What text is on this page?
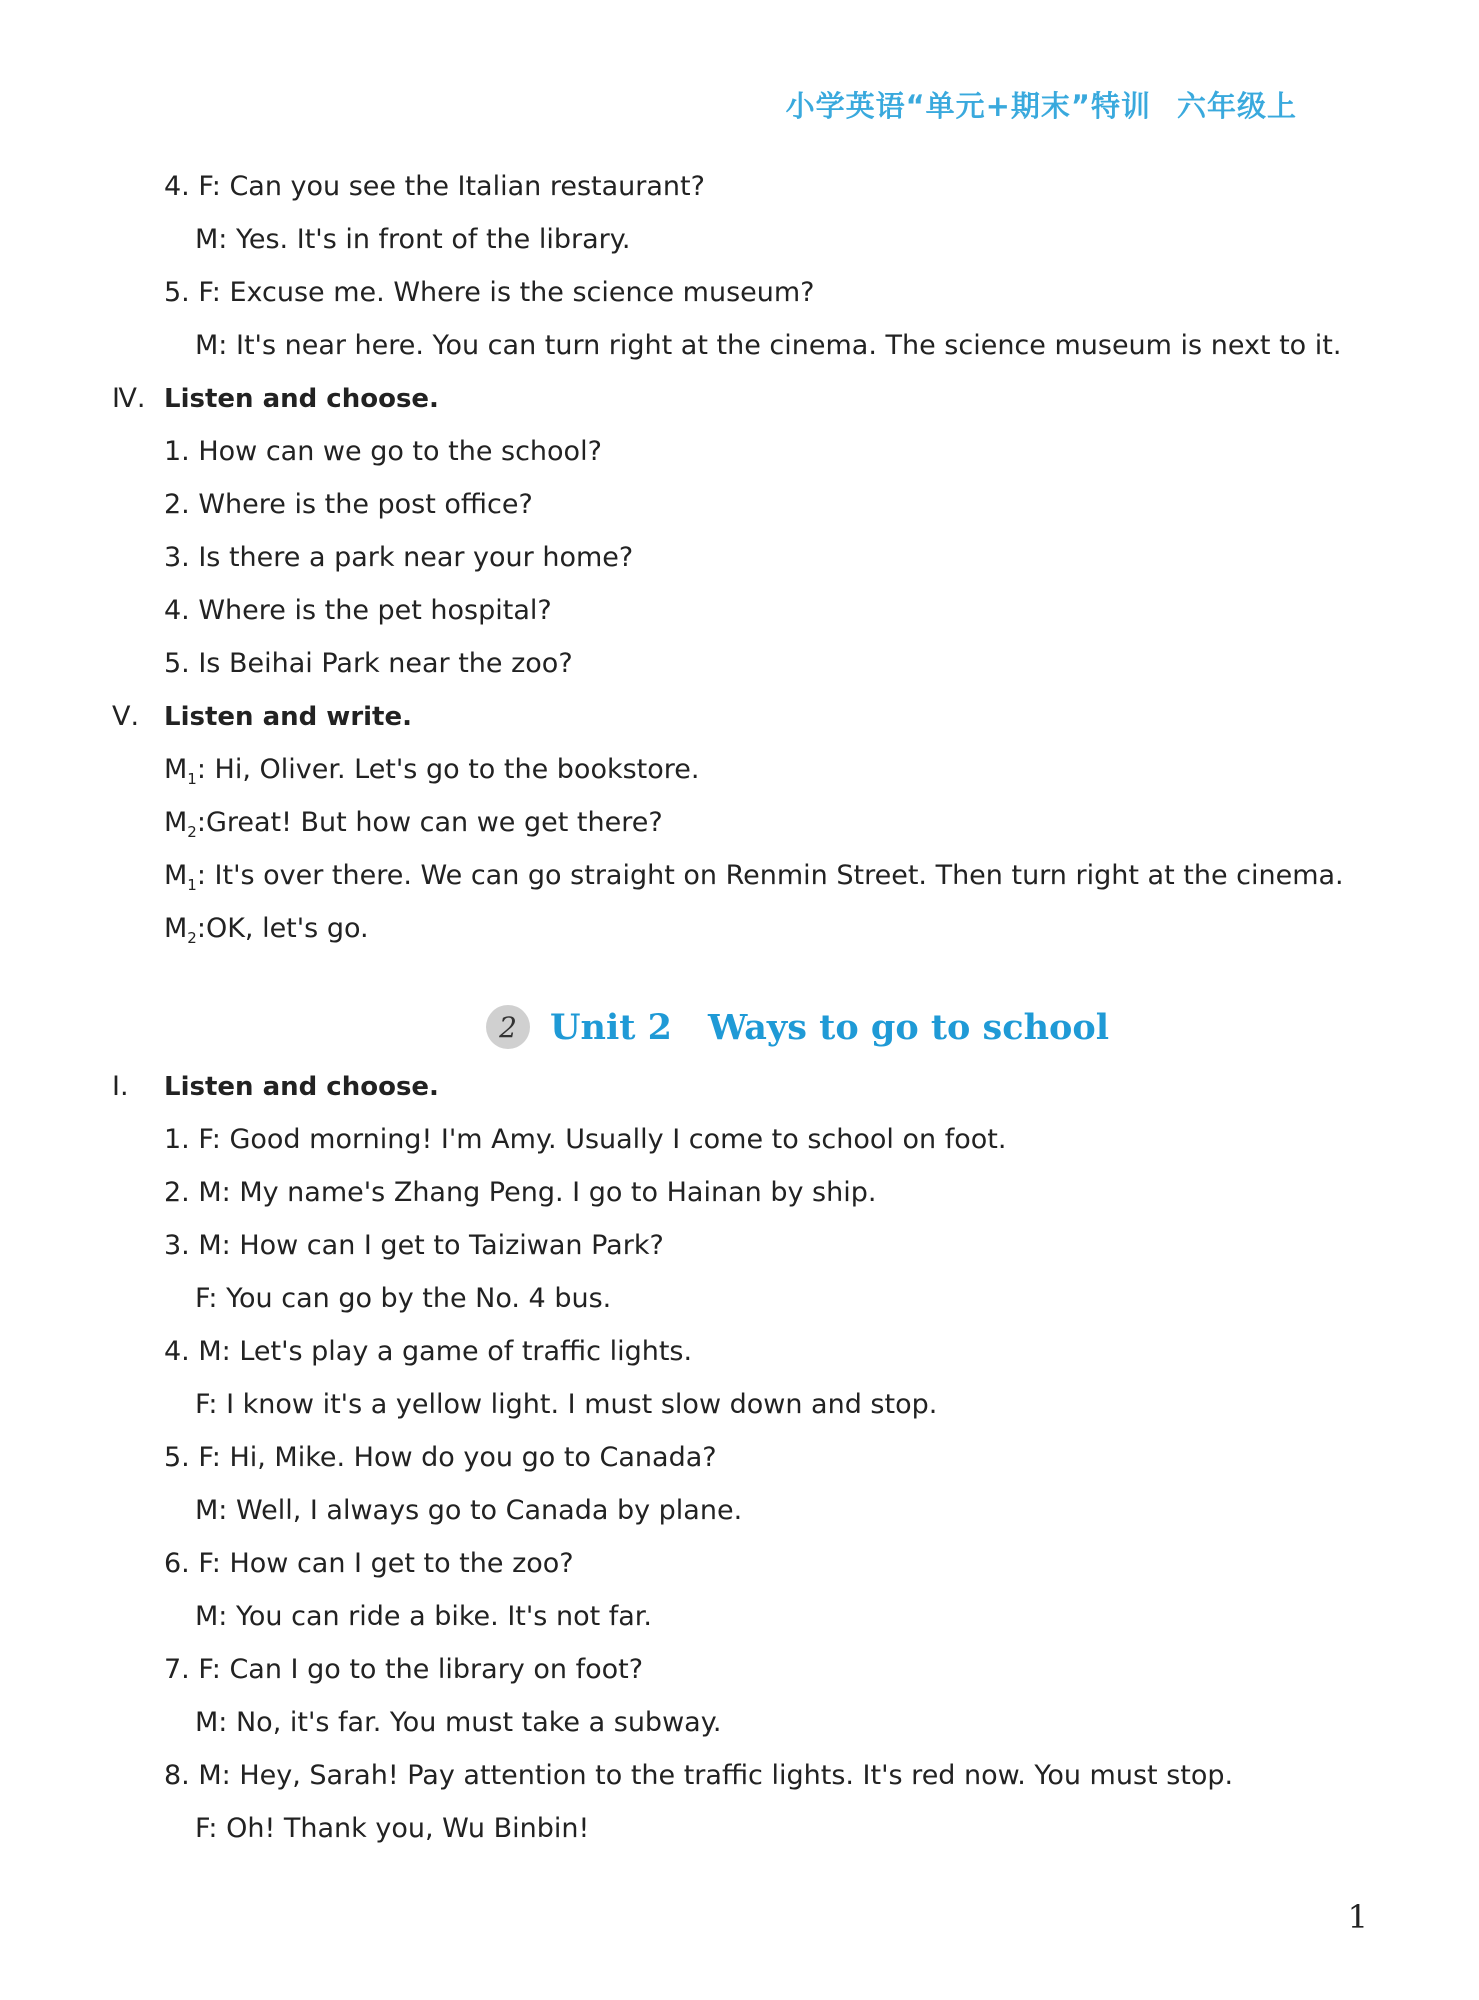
小学英语“单元+期末”特训 六年级上
4. F: Can you see the Italian restaurant?
M: Yes. It's in front of the library.
5. F: Excuse me. Where is the science museum?
M: It's near here. You can turn right at the cinema. The science museum is next to it.
Ⅳ. Listen and choose.
1. How can we go to the school?
2. Where is the post office?
3. Is there a park near your home?
4. Where is the pet hospital?
5. Is Beihai Park near the zoo?
Ⅴ. Listen and write.
$M_1$: Hi, Oliver. Let's go to the bookstore.
$M_2:Great$! But how can we get there?
$M_1$: It's over there. We can go straight on Renmin Street. Then turn right at the cinema.
$M_2:OK$, let's go.
2 Unit 2 Ways to go to school
Ⅰ. Listen and choose.
1. F: Good morning! I'm Amy. Usually I come to school on foot.
2. M: My name's Zhang Peng. I go to Hainan by ship.
3. M: How can I get to Taiziwan Park?
F: You can go by the No. 4 bus.
4. M: Let's play a game of traffic lights.
F: I know it's a yellow light. I must slow down and stop.
5. F: Hi, Mike. How do you go to Canada?
M: Well, I always go to Canada by plane.
6. F: How can I get to the zoo?
M: You can ride a bike. It's not far.
7. F: Can I go to the library on foot?
M: No, it's far. You must take a subway.
8. M: Hey, Sarah! Pay attention to the traffic lights. It's red now. You must stop.
F: Oh! Thank you, Wu Binbin!
1
